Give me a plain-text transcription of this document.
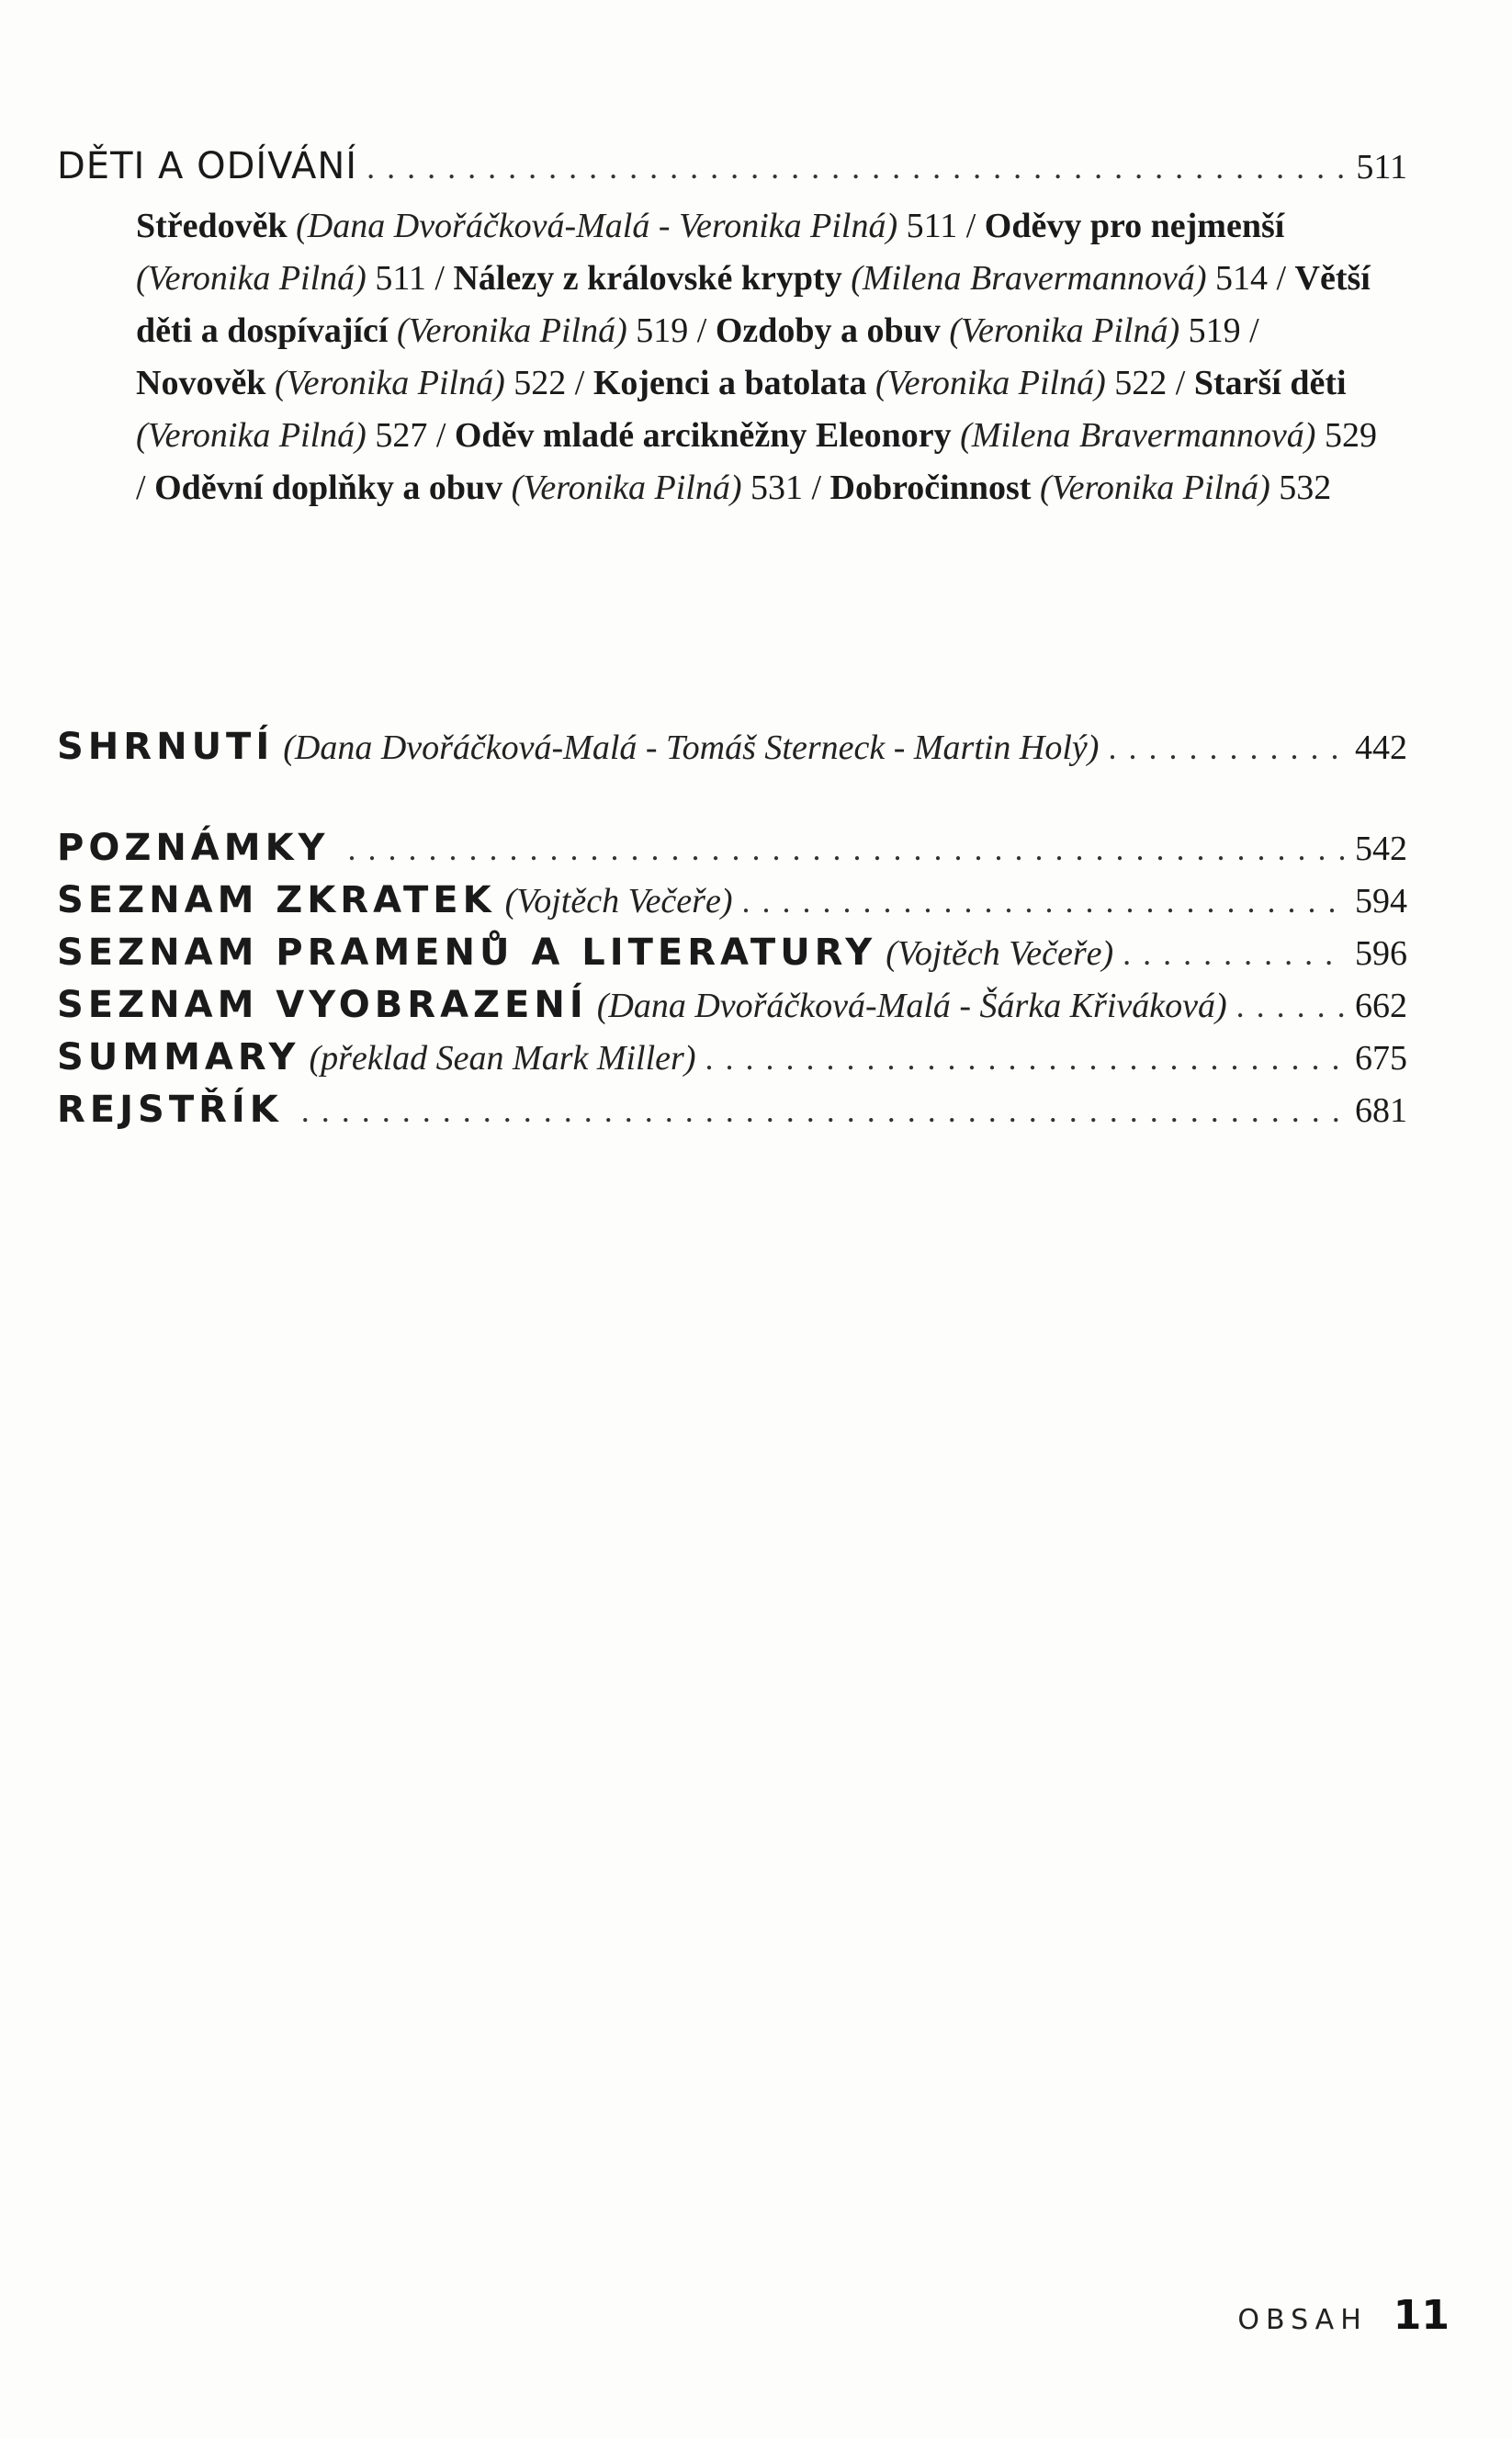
DĚTI A ODÍVÁNÍ . . .	511
Středověk (Dana Dvořáčková-Malá - Veronika Pilná) 511 / Oděvy pro nejmenší (Veronika Pilná) 511 / Nálezy z královské krypty (Milena Bravermannová) 514 / Větší děti a dospívající (Veronika Pilná) 519 / Ozdoby a obuv (Veronika Pilná) 519 / Novověk (Veronika Pilná) 522 / Kojenci a batolata (Veronika Pilná) 522 / Starší děti (Veronika Pilná) 527 / Oděv mladé arcikněžny Eleonory (Milena Bravermannová) 529 / Oděvní doplňky a obuv (Veronika Pilná) 531 / Dobročinnost (Veronika Pilná) 532
SHRNUTÍ (Dana Dvořáčková-Malá - Tomáš Sterneck - Martin Holý) . . .	442
POZNÁMKY . . .	542
SEZNAM ZKRATEK (Vojtěch Večeře) . . .	594
SEZNAM PRAMENŮ A LITERATURY (Vojtěch Večeře) . . .	596
SEZNAM VYOBRAZENÍ (Dana Dvořáčková-Malá - Šárka Křiváková) . . .	662
SUMMARY (překlad Sean Mark Miller) . . .	675
REJSTŘÍK . . .	681
OBSAH 11
